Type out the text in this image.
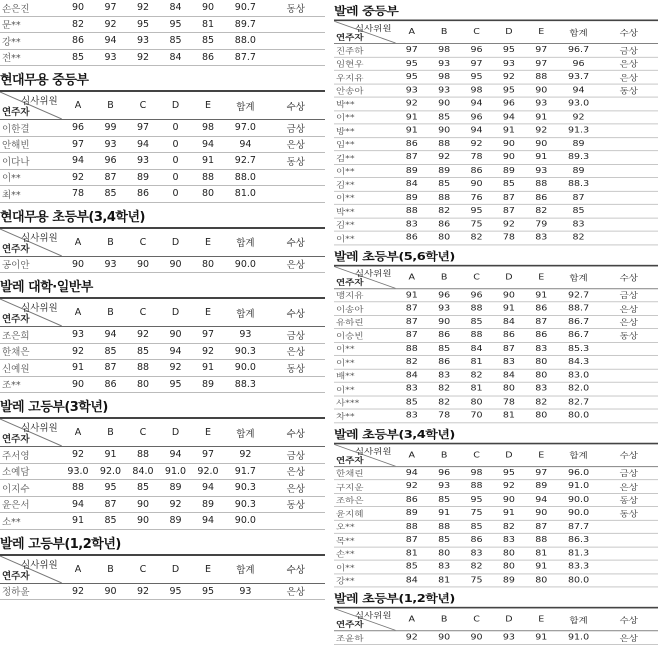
손은진	90	97	92	84	90	90.7	동상
문**	82	92	95	95	81	89.7	
강**	86	94	93	85	85	88.0	
전**	85	93	92	84	86	87.7	
현대무용 중등부
심사위원
연주자	A	B	C	D	E	합계	수상
이한결	96	99	97	0	98	97.0	금상
안해빈	97	93	94	0	94	94	은상
이다나	94	96	93	0	91	92.7	동상
이**	92	87	89	0	88	88.0	
최**	78	85	86	0	80	81.0	
현대무용 초등부(3,4학년)
심사위원
연주자	A	B	C	D	E	합계	수상
공이안	90	93	90	90	80	90.0	은상
발레 대학·일반부
심사위원
연주자	A	B	C	D	E	합계	수상
조은희	93	94	92	90	97	93	금상
한채은	92	85	85	94	92	90.3	은상
신예원	91	87	88	92	91	90.0	동상
조**	90	86	80	95	89	88.3	
발레 고등부(3학년)
심사위원
연주자	A	B	C	D	E	합계	수상
주서영	92	91	88	94	97	92	금상
소예담	93.0	92.0	84.0	91.0	92.0	91.7	은상
이지수	88	95	85	89	94	90.3	은상
윤은서	94	87	90	92	89	90.3	동상
소**	91	85	90	89	94	90.0	
발레 고등부(1,2학년)
심사위원
연주자	A	B	C	D	E	합계	수상
정하윤	92	90	92	95	95	93	은상
발레 중등부
심사위원
연주자	A	B	C	D	E	합계	수상
진주하	97	98	96	95	97	96.7	금상
임현우	95	93	97	93	97	96	은상
우지유	95	98	95	92	88	93.7	은상
안송아	93	93	98	95	90	94	동상
박**	92	90	94	96	93	93.0	
이**	91	85	96	94	91	92	
방**	91	90	94	91	92	91.3	
임**	86	88	92	90	90	89	
김**	87	92	78	90	91	89.3	
이**	89	89	86	89	93	89	
김**	84	85	90	85	88	88.3	
이**	89	88	76	87	86	87	
박**	88	82	95	87	82	85	
김**	83	86	75	92	79	83	
이**	86	80	82	78	83	82	
발레 초등부(5,6학년)
심사위원
연주자	A	B	C	D	E	합계	수상
맹지유	91	96	96	90	91	92.7	금상
이송아	87	93	88	91	86	88.7	은상
유하린	87	90	85	84	87	86.7	은상
이승빈	87	86	88	86	86	86.7	동상
이**	88	85	84	87	83	85.3	
이**	82	86	81	83	80	84.3	
배**	84	83	82	84	80	83.0	
이**	83	82	81	80	83	82.0	
사***	85	82	80	78	82	82.7	
차**	83	78	70	81	80	80.0	
발레 초등부(3,4학년)
심사위원
연주자	A	B	C	D	E	합계	수상
한채린	94	96	98	95	97	96.0	금상
구지운	92	93	88	92	89	91.0	은상
조하은	86	85	95	90	94	90.0	동상
윤지혜	89	91	75	91	90	90.0	동상
오**	88	88	85	82	87	87.7	
목**	87	85	86	83	88	86.3	
손**	81	80	83	80	81	81.3	
이**	85	83	82	80	91	83.3	
강**	84	81	75	89	80	80.0	
발레 초등부(1,2학년)
심사위원
연주자	A	B	C	D	E	합계	수상
조윤하	92	90	90	93	91	91.0	은상
